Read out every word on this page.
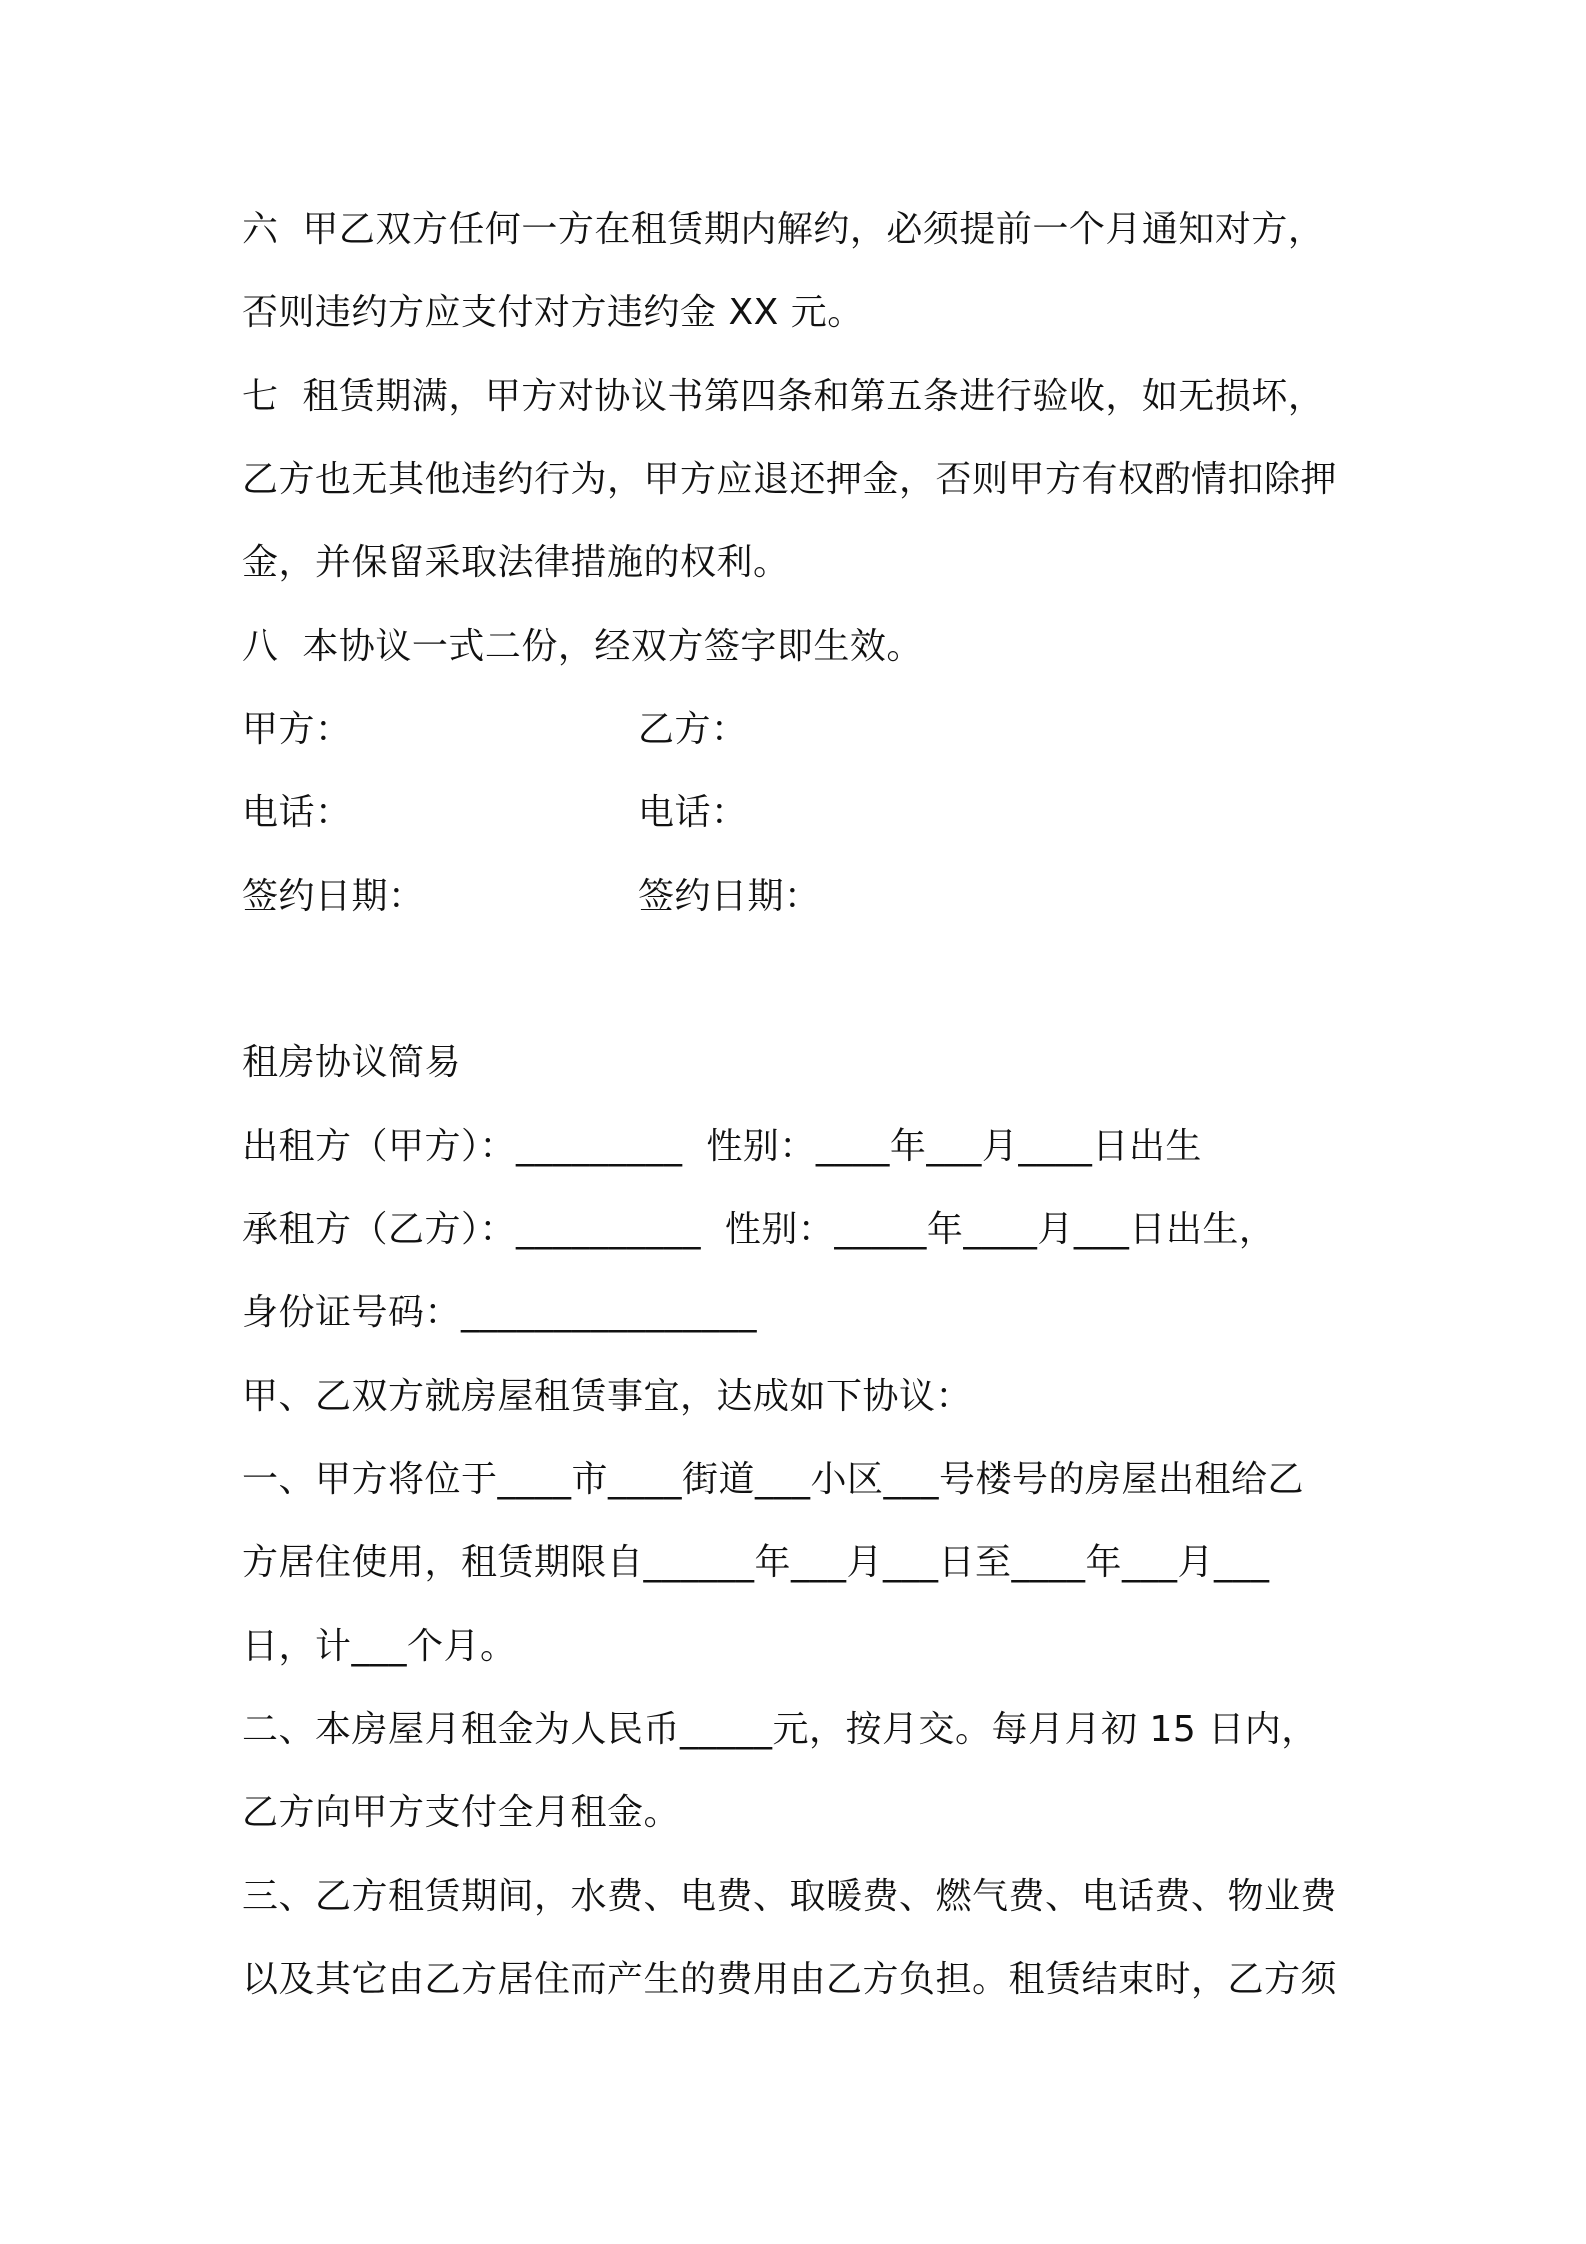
六  甲乙双方任何一方在租赁期内解约，必须提前一个月通知对方，
否则违约方应支付对方违约金 XX 元。
七  租赁期满，甲方对协议书第四条和第五条进行验收，如无损坏，
乙方也无其他违约行为，甲方应退还押金，否则甲方有权酌情扣除押
金，并保留采取法律措施的权利。
八  本协议一式二份，经双方签字即生效。
甲方：	乙方：
电话：	电话：
签约日期：	签约日期：
租房协议简易
出租方（甲方）：_________  性别：____年___月____日出生
承租方（乙方）：__________  性别：_____年____月___日出生，
身份证号码：________________
甲、乙双方就房屋租赁事宜，达成如下协议：
一、甲方将位于____市____街道___小区___号楼号的房屋出租给乙
方居住使用，租赁期限自______年___月___日至____年___月___
日，计___个月。
二、本房屋月租金为人民币_____元，按月交。每月月初 15 日内，
乙方向甲方支付全月租金。
三、乙方租赁期间，水费、电费、取暖费、燃气费、电话费、物业费
以及其它由乙方居住而产生的费用由乙方负担。租赁结束时，乙方须
